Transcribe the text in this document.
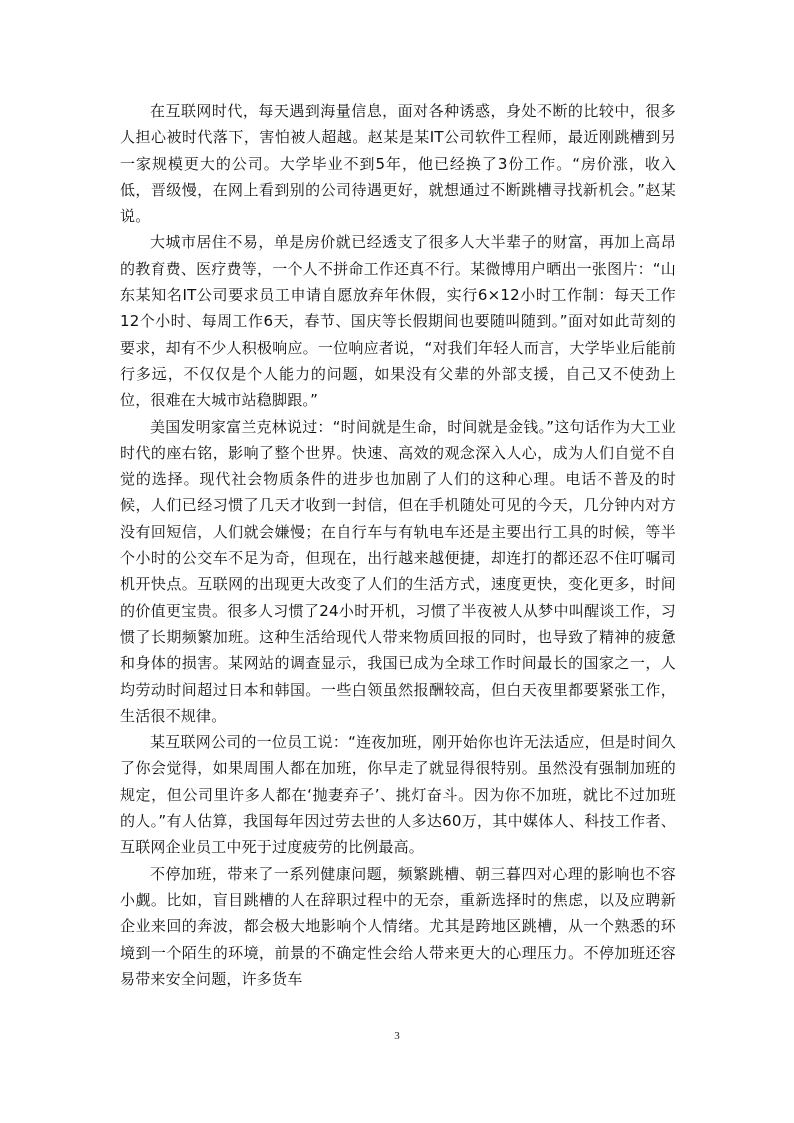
在互联网时代，每天遇到海量信息，面对各种诱惑，身处不断的比较中，很多人担心被时代落下，害怕被人超越。赵某是某IT公司软件工程师，最近刚跳槽到另一家规模更大的公司。大学毕业不到5年，他已经换了3份工作。“房价涨，收入低，晋级慢，在网上看到别的公司待遇更好，就想通过不断跳槽寻找新机会。”赵某说。

大城市居住不易，单是房价就已经透支了很多人大半辈子的财富，再加上高昂的教育费、医疗费等，一个人不拼命工作还真不行。某微博用户晒出一张图片：“山东某知名IT公司要求员工申请自愿放弃年休假，实行6×12小时工作制：每天工作12个小时、每周工作6天，春节、国庆等长假期间也要随叫随到。”面对如此苛刻的要求，却有不少人积极响应。一位响应者说，“对我们年轻人而言，大学毕业后能前行多远，不仅仅是个人能力的问题，如果没有父辈的外部支援，自己又不使劲上位，很难在大城市站稳脚跟。”

美国发明家富兰克林说过：“时间就是生命，时间就是金钱。”这句话作为大工业时代的座右铭，影响了整个世界。快速、高效的观念深入人心，成为人们自觉不自觉的选择。现代社会物质条件的进步也加剧了人们的这种心理。电话不普及的时候，人们已经习惯了几天才收到一封信，但在手机随处可见的今天，几分钟内对方没有回短信，人们就会嫌慢；在自行车与有轨电车还是主要出行工具的时候，等半个小时的公交车不足为奇，但现在，出行越来越便捷，却连打的都还忍不住叮嘱司机开快点。互联网的出现更大改变了人们的生活方式，速度更快，变化更多，时间的价值更宝贵。很多人习惯了24小时开机，习惯了半夜被人从梦中叫醒谈工作，习惯了长期频繁加班。这种生活给现代人带来物质回报的同时，也导致了精神的疲惫和身体的损害。某网站的调查显示，我国已成为全球工作时间最长的国家之一，人均劳动时间超过日本和韩国。一些白领虽然报酬较高，但白天夜里都要紧张工作，生活很不规律。

某互联网公司的一位员工说：“连夜加班，刚开始你也许无法适应，但是时间久了你会觉得，如果周围人都在加班，你早走了就显得很特别。虽然没有强制加班的规定，但公司里许多人都在‘抛妻弃子’、挑灯奋斗。因为你不加班，就比不过加班的人。”有人估算，我国每年因过劳去世的人多达60万，其中媒体人、科技工作者、互联网企业员工中死于过度疲劳的比例最高。

不停加班，带来了一系列健康问题，频繁跳槽、朝三暮四对心理的影响也不容小觑。比如，盲目跳槽的人在辞职过程中的无奈，重新选择时的焦虑，以及应聘新企业来回的奔波，都会极大地影响个人情绪。尤其是跨地区跳槽，从一个熟悉的环境到一个陌生的环境，前景的不确定性会给人带来更大的心理压力。不停加班还容易带来安全问题，许多货车

3
